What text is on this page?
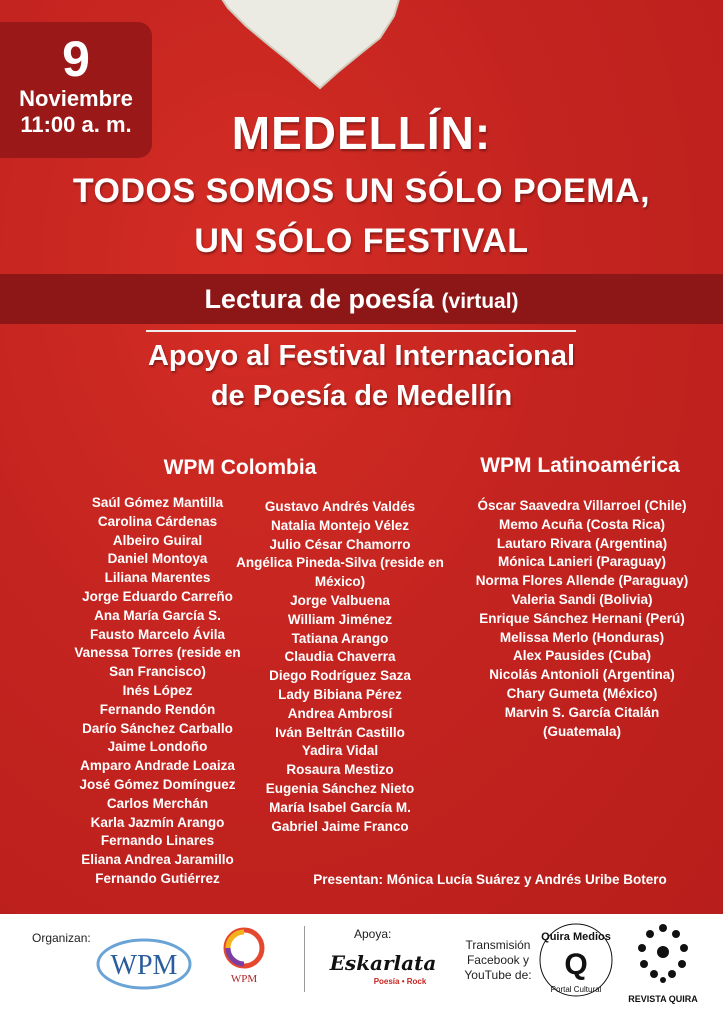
9
Noviembre
11:00 a. m.	MEDELLÍN:
TODOS SOMOS UN SÓLO POEMA,
UN SÓLO FESTIVAL
Lectura de poesía (virtual)
Apoyo al Festival Internacional
de Poesía de Medellín
WPM Colombia	WPM Latinoamérica
Saúl Gómez Mantilla
Carolina Cárdenas
Albeiro Guiral
Daniel Montoya
Liliana Marentes
Jorge Eduardo Carreño
Ana María García S.
Fausto Marcelo Ávila
Vanessa Torres (reside en
San Francisco)
Inés López
Fernando Rendón
Darío Sánchez Carballo
Jaime Londoño
Amparo Andrade Loaiza
José Gómez Domínguez
Carlos Merchán
Karla Jazmín Arango
Fernando Linares
Eliana Andrea Jaramillo
Fernando Gutiérrez
Gustavo Andrés Valdés
Natalia Montejo Vélez
Julio César Chamorro
Angélica Pineda-Silva (reside en
México)
Jorge Valbuena
William Jiménez
Tatiana Arango
Claudia Chaverra
Diego Rodríguez Saza
Lady Bibiana Pérez
Andrea Ambrosí
Iván Beltrán Castillo
Yadira Vidal
Rosaura Mestizo
Eugenia Sánchez Nieto
María Isabel García M.
Gabriel Jaime Franco
Óscar Saavedra Villarroel (Chile)
Memo Acuña (Costa Rica)
Lautaro Rivara (Argentina)
Mónica Lanieri (Paraguay)
Norma Flores Allende (Paraguay)
Valeria Sandi (Bolivia)
Enrique Sánchez Hernani (Perú)
Melissa Merlo (Honduras)
Alex Pausides (Cuba)
Nicolás Antonioli (Argentina)
Chary Gumeta (México)
Marvin S. García Citalán
(Guatemala)
Presentan: Mónica Lucía Suárez y Andrés Uribe Botero
Organizan:
WPM	WPM
Apoya:
Eskarlata
Poesía • Rock
Transmisión Facebook y YouTube de:
Quira Medios
Q
Portal Cultural
REVISTA QUIRA
